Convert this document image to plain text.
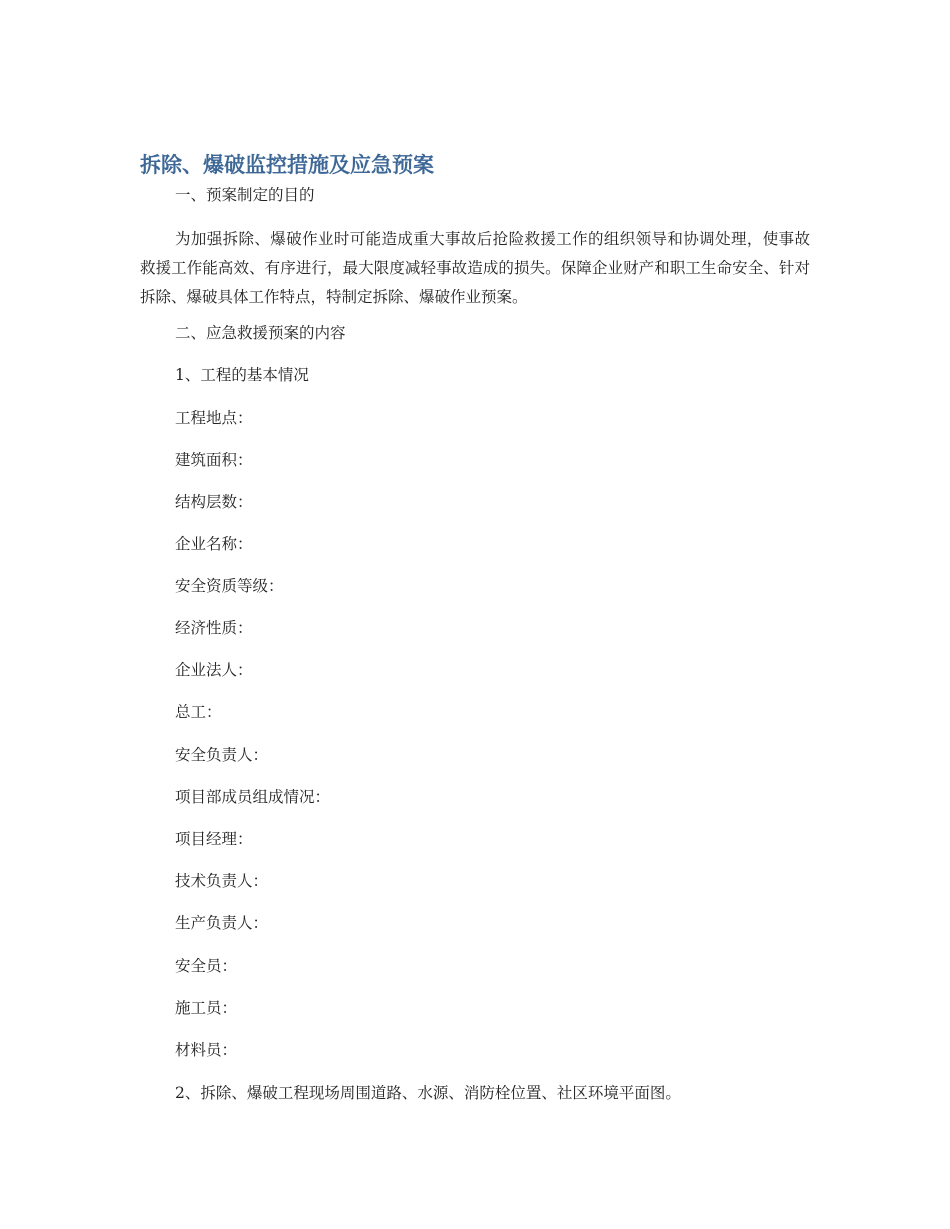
拆除、爆破监控措施及应急预案

一、预案制定的目的

为加强拆除、爆破作业时可能造成重大事故后抢险救援工作的组织领导和协调处理，使事故救援工作能高效、有序进行，最大限度减轻事故造成的损失。保障企业财产和职工生命安全、针对拆除、爆破具体工作特点，特制定拆除、爆破作业预案。

二、应急救援预案的内容

1、工程的基本情况

工程地点：

建筑面积：

结构层数：

企业名称：

安全资质等级：

经济性质：

企业法人：

总工：

安全负责人：

项目部成员组成情况：

项目经理：

技术负责人：

生产负责人：

安全员：

施工员：

材料员：

2、拆除、爆破工程现场周围道路、水源、消防栓位置、社区环境平面图。
